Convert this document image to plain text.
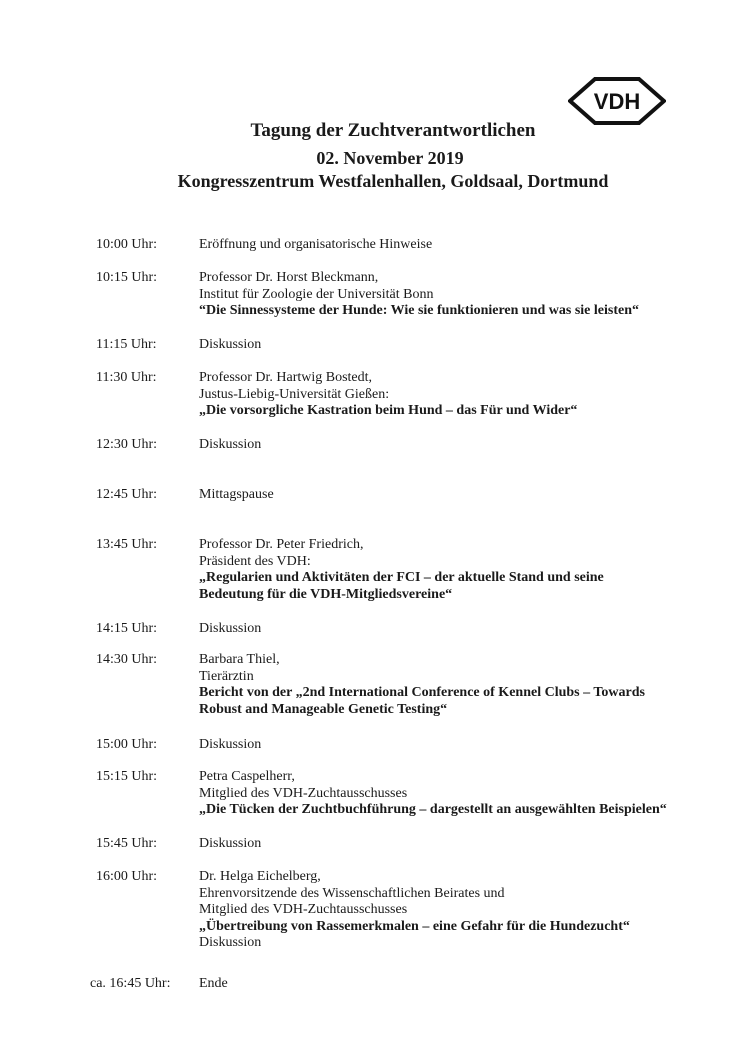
VDH
Tagung der Zuchtverantwortlichen
02. November 2019
Kongresszentrum Westfalenhallen, Goldsaal, Dortmund
10:00 Uhr:	Eröffnung und organisatorische Hinweise
10:15 Uhr:	Professor Dr. Horst Bleckmann,
Institut für Zoologie der Universität Bonn
“Die Sinnessysteme der Hunde: Wie sie funktionieren und was sie leisten“
11:15 Uhr:	Diskussion
11:30 Uhr:	Professor Dr. Hartwig Bostedt,
Justus-Liebig-Universität Gießen:
„Die vorsorgliche Kastration beim Hund – das Für und Wider“
12:30 Uhr:	Diskussion
12:45 Uhr:	Mittagspause
13:45 Uhr:	Professor Dr. Peter Friedrich,
Präsident des VDH:
„Regularien und Aktivitäten der FCI – der aktuelle Stand und seine
Bedeutung für die VDH-Mitgliedsvereine“
14:15 Uhr:	Diskussion
14:30 Uhr:	Barbara Thiel,
Tierärztin
Bericht von der „2nd International Conference of Kennel Clubs – Towards
Robust and Manageable Genetic Testing“
15:00 Uhr:	Diskussion
15:15 Uhr:	Petra Caspelherr,
Mitglied des VDH-Zuchtausschusses
„Die Tücken der Zuchtbuchführung – dargestellt an ausgewählten Beispielen“
15:45 Uhr:	Diskussion
16:00 Uhr:	Dr. Helga Eichelberg,
Ehrenvorsitzende des Wissenschaftlichen Beirates und
Mitglied des VDH-Zuchtausschusses
„Übertreibung von Rassemerkmalen – eine Gefahr für die Hundezucht“
Diskussion
ca. 16:45 Uhr: Ende
